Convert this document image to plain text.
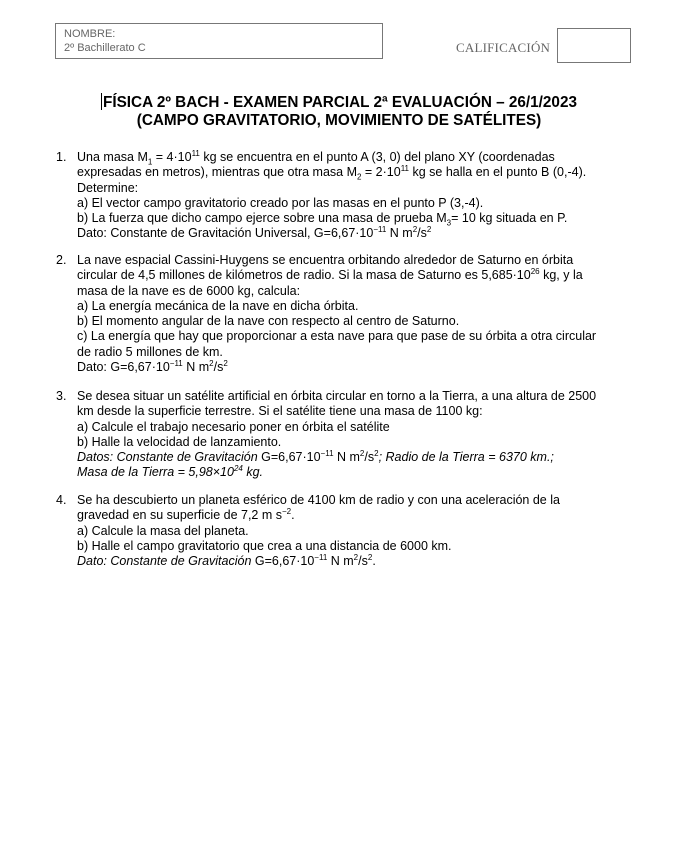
NOMBRE:
2º Bachillerato C	CALIFICACIÓN
FÍSICA 2º BACH - EXAMEN PARCIAL 2ª EVALUACIÓN – 26/1/2023
(CAMPO GRAVITATORIO, MOVIMIENTO DE SATÉLITES)
1. Una masa $M_1 = 4\cdot 10^{11}$ kg se encuentra en el punto A (3, 0) del plano XY (coordenadas
expresadas en metros), mientras que otra masa $M_2 = 2\cdot 10^{11}$ kg se halla en el punto B (0,-4).
Determine:
a) El vector campo gravitatorio creado por las masas en el punto P (3,-4).
b) La fuerza que dicho campo ejerce sobre una masa de prueba $M_3= 10$ kg situada en P.
Dato: Constante de Gravitación Universal, $G=6,67\cdot 10^{-11}$ N $m^2/s^2$
2. La nave espacial Cassini-Huygens se encuentra orbitando alrededor de Saturno en órbita
circular de 4,5 millones de kilómetros de radio. Si la masa de Saturno es $5,685\cdot 10^{26}$ kg, y la
masa de la nave es de 6000 kg, calcula:
a) La energía mecánica de la nave en dicha órbita.
b) El momento angular de la nave con respecto al centro de Saturno.
c) La energía que hay que proporcionar a esta nave para que pase de su órbita a otra circular
de radio 5 millones de km.
Dato: $G=6,67\cdot 10^{-11}$ N $m^2/s^2$
3. Se desea situar un satélite artificial en órbita circular en torno a la Tierra, a una altura de 2500
km desde la superficie terrestre. Si el satélite tiene una masa de 1100 kg:
a) Calcule el trabajo necesario poner en órbita el satélite
b) Halle la velocidad de lanzamiento.
Datos: Constante de Gravitación $G=6,67\cdot 10^{-11}$ N $m^2/s^2$; Radio de la Tierra = 6370 km.;
Masa de la Tierra = $5,98\times 10^{24}$ kg.
4. Se ha descubierto un planeta esférico de 4100 km de radio y con una aceleración de la
gravedad en su superficie de 7,2 m $s^{-2}$.
a) Calcule la masa del planeta.
b) Halle el campo gravitatorio que crea a una distancia de 6000 km.
Dato: Constante de Gravitación $G=6,67\cdot 10^{-11}$ N $m^2/s^2$.
